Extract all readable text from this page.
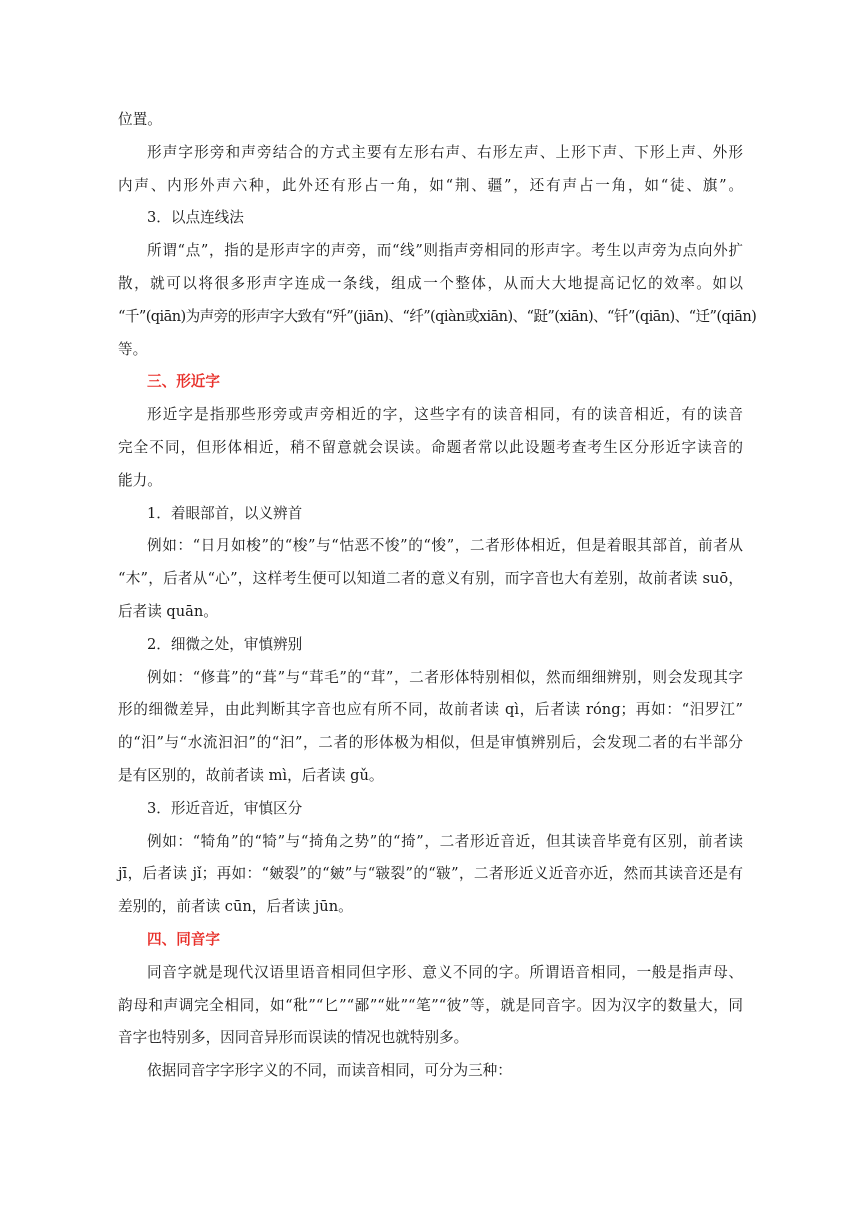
位置。
形声字形旁和声旁结合的方式主要有左形右声、右形左声、上形下声、下形上声、外形
内声、内形外声六种，此外还有形占一角，如“荆、疆”，还有声占一角，如“徒、旗”。
3．以点连线法
所谓“点”，指的是形声字的声旁，而“线”则指声旁相同的形声字。考生以声旁为点向外扩
散，就可以将很多形声字连成一条线，组成一个整体，从而大大地提高记忆的效率。如以
“千”(qiān)为声旁的形声字大致有“歼”(jiān)、“纤”(qiàn或xiān)、“跹”(xiān)、“钎”(qiān)、“迁”(qiān)
等。
三、形近字
形近字是指那些形旁或声旁相近的字，这些字有的读音相同，有的读音相近，有的读音
完全不同，但形体相近，稍不留意就会误读。命题者常以此设题考查考生区分形近字读音的
能力。
1．着眼部首，以义辨首
例如：“日月如梭”的“梭”与“怙恶不悛”的“悛”，二者形体相近，但是着眼其部首，前者从
“木”，后者从“心”，这样考生便可以知道二者的意义有别，而字音也大有差别，故前者读 suō，
后者读 quān。
2．细微之处，审慎辨别
例如：“修葺”的“葺”与“茸毛”的“茸”，二者形体特别相似，然而细细辨别，则会发现其字
形的细微差异，由此判断其字音也应有所不同，故前者读 qì，后者读 róng；再如：“汨罗江”
的“汨”与“水流汩汩”的“汩”，二者的形体极为相似，但是审慎辨别后，会发现二者的右半部分
是有区别的，故前者读 mì，后者读 gǔ。
3．形近音近，审慎区分
例如：“犄角”的“犄”与“掎角之势”的“掎”，二者形近音近，但其读音毕竟有区别，前者读
jī，后者读 jǐ；再如：“皴裂”的“皴”与“皲裂”的“皲”，二者形近义近音亦近，然而其读音还是有
差别的，前者读 cūn，后者读 jūn。
四、同音字
同音字就是现代汉语里语音相同但字形、意义不同的字。所谓语音相同，一般是指声母、
韵母和声调完全相同，如“秕”“匕”“鄙”“妣”“笔”“彼”等，就是同音字。因为汉字的数量大，同
音字也特别多，因同音异形而误读的情况也就特别多。
依据同音字字形字义的不同，而读音相同，可分为三种：
